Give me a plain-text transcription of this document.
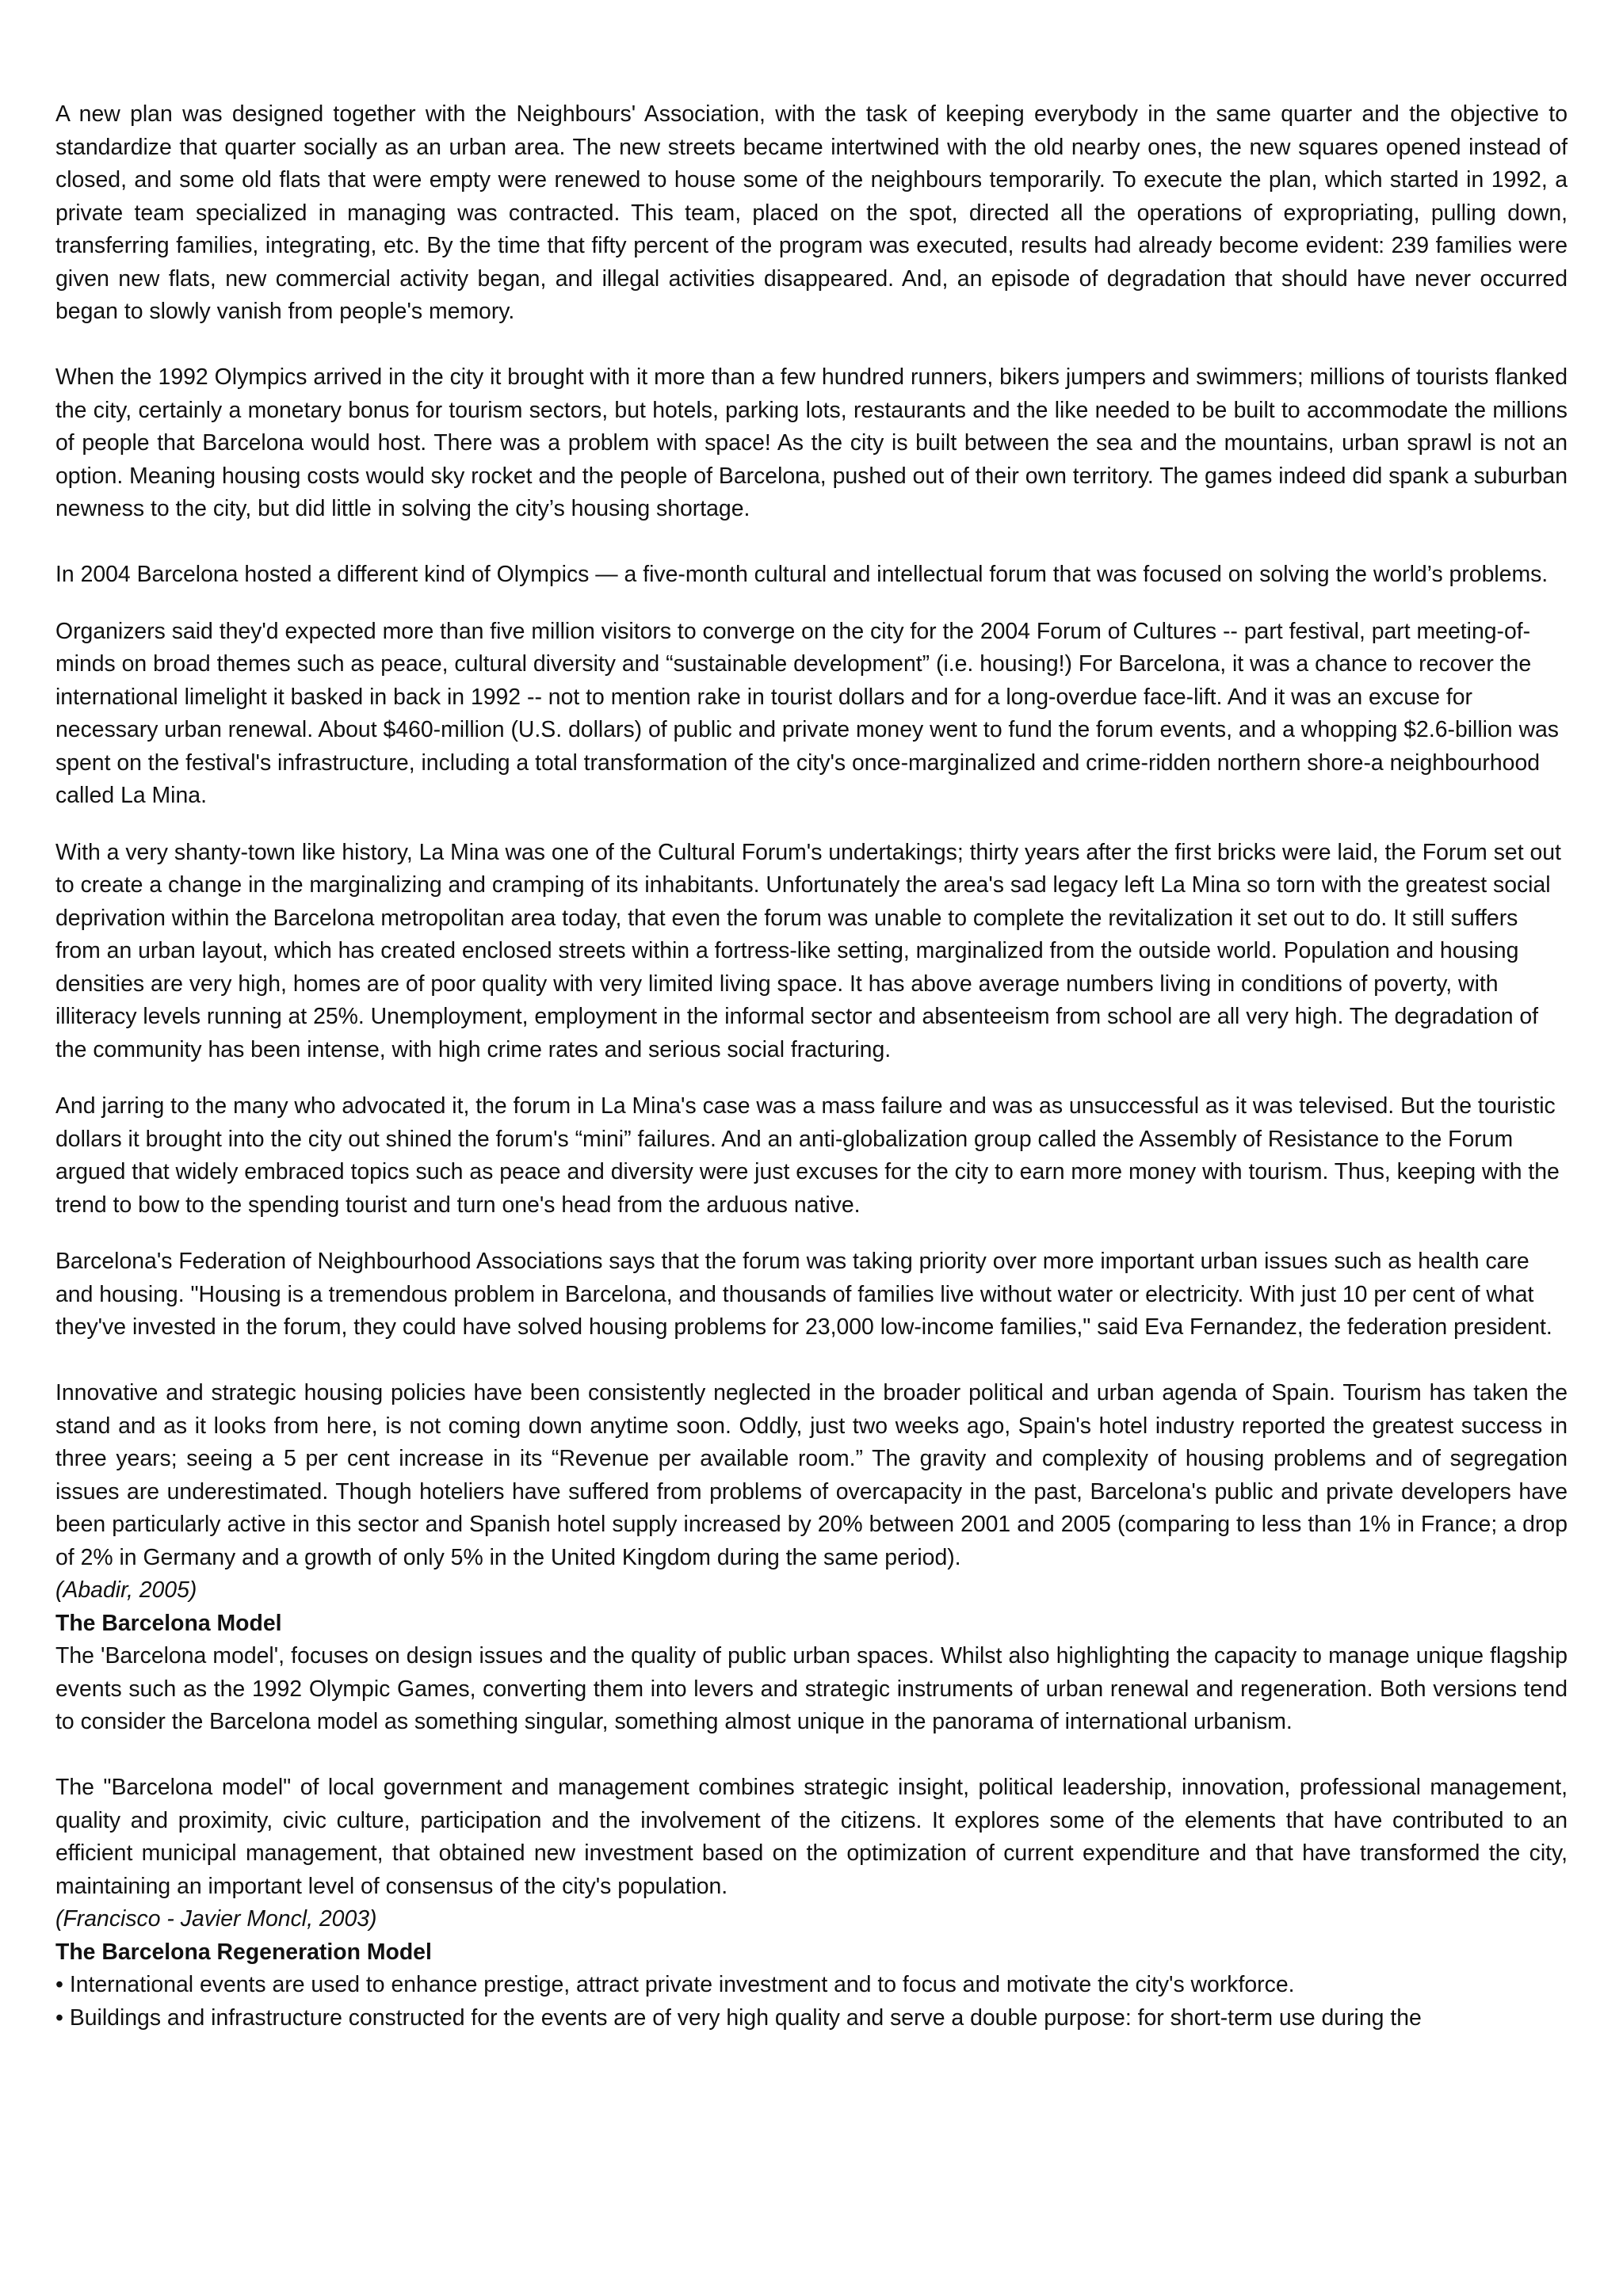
A new plan was designed together with the Neighbours' Association, with the task of keeping everybody in the same quarter and the objective to standardize that quarter socially as an urban area. The new streets became intertwined with the old nearby ones, the new squares opened instead of closed, and some old flats that were empty were renewed to house some of the neighbours temporarily. To execute the plan, which started in 1992, a private team specialized in managing was contracted. This team, placed on the spot, directed all the operations of expropriating, pulling down, transferring families, integrating, etc. By the time that fifty percent of the program was executed, results had already become evident: 239 families were given new flats, new commercial activity began, and illegal activities disappeared. And, an episode of degradation that should have never occurred began to slowly vanish from people's memory.

When the 1992 Olympics arrived in the city it brought with it more than a few hundred runners, bikers jumpers and swimmers; millions of tourists flanked the city, certainly a monetary bonus for tourism sectors, but hotels, parking lots, restaurants and the like needed to be built to accommodate the millions of people that Barcelona would host. There was a problem with space! As the city is built between the sea and the mountains, urban sprawl is not an option. Meaning housing costs would sky rocket and the people of Barcelona, pushed out of their own territory. The games indeed did spank a suburban newness to the city, but did little in solving the city’s housing shortage.

In 2004 Barcelona hosted a different kind of Olympics — a five-month cultural and intellectual forum that was focused on solving the world’s problems.

Organizers said they'd expected more than five million visitors to converge on the city for the 2004 Forum of Cultures -- part festival, part meeting-of-minds on broad themes such as peace, cultural diversity and “sustainable development” (i.e. housing!) For Barcelona, it was a chance to recover the international limelight it basked in back in 1992 -- not to mention rake in tourist dollars and for a long-overdue face-lift. And it was an excuse for necessary urban renewal. About $460-million (U.S. dollars) of public and private money went to fund the forum events, and a whopping $2.6-billion was spent on the festival's infrastructure, including a total transformation of the city's once-marginalized and crime-ridden northern shore-a neighbourhood called La Mina.

With a very shanty-town like history, La Mina was one of the Cultural Forum's undertakings; thirty years after the first bricks were laid, the Forum set out to create a change in the marginalizing and cramping of its inhabitants. Unfortunately the area's sad legacy left La Mina so torn with the greatest social deprivation within the Barcelona metropolitan area today, that even the forum was unable to complete the revitalization it set out to do. It still suffers from an urban layout, which has created enclosed streets within a fortress-like setting, marginalized from the outside world. Population and housing densities are very high, homes are of poor quality with very limited living space. It has above average numbers living in conditions of poverty, with illiteracy levels running at 25%. Unemployment, employment in the informal sector and absenteeism from school are all very high. The degradation of the community has been intense, with high crime rates and serious social fracturing.

And jarring to the many who advocated it, the forum in La Mina's case was a mass failure and was as unsuccessful as it was televised. But the touristic dollars it brought into the city out shined the forum's “mini” failures. And an anti-globalization group called the Assembly of Resistance to the Forum argued that widely embraced topics such as peace and diversity were just excuses for the city to earn more money with tourism. Thus, keeping with the trend to bow to the spending tourist and turn one's head from the arduous native.

Barcelona's Federation of Neighbourhood Associations says that the forum was taking priority over more important urban issues such as health care and housing. "Housing is a tremendous problem in Barcelona, and thousands of families live without water or electricity. With just 10 per cent of what they've invested in the forum, they could have solved housing problems for 23,000 low-income families," said Eva Fernandez, the federation president.

Innovative and strategic housing policies have been consistently neglected in the broader political and urban agenda of Spain. Tourism has taken the stand and as it looks from here, is not coming down anytime soon. Oddly, just two weeks ago, Spain's hotel industry reported the greatest success in three years; seeing a 5 per cent increase in its “Revenue per available room.” The gravity and complexity of housing problems and of segregation issues are underestimated. Though hoteliers have suffered from problems of overcapacity in the past, Barcelona's public and private developers have been particularly active in this sector and Spanish hotel supply increased by 20% between 2001 and 2005 (comparing to less than 1% in France; a drop of 2% in Germany and a growth of only 5% in the United Kingdom during the same period).

(Abadir, 2005)

The Barcelona Model

The 'Barcelona model', focuses on design issues and the quality of public urban spaces. Whilst also highlighting the capacity to manage unique flagship events such as the 1992 Olympic Games, converting them into levers and strategic instruments of urban renewal and regeneration. Both versions tend to consider the Barcelona model as something singular, something almost unique in the panorama of international urbanism.

The "Barcelona model" of local government and management combines strategic insight, political leadership, innovation, professional management, quality and proximity, civic culture, participation and the involvement of the citizens. It explores some of the elements that have contributed to an efficient municipal management, that obtained new investment based on the optimization of current expenditure and that have transformed the city, maintaining an important level of consensus of the city's population.

(Francisco - Javier Moncl, 2003)

The Barcelona Regeneration Model

• International events are used to enhance prestige, attract private investment and to focus and motivate the city's workforce.
• Buildings and infrastructure constructed for the events are of very high quality and serve a double purpose: for short-term use during the
